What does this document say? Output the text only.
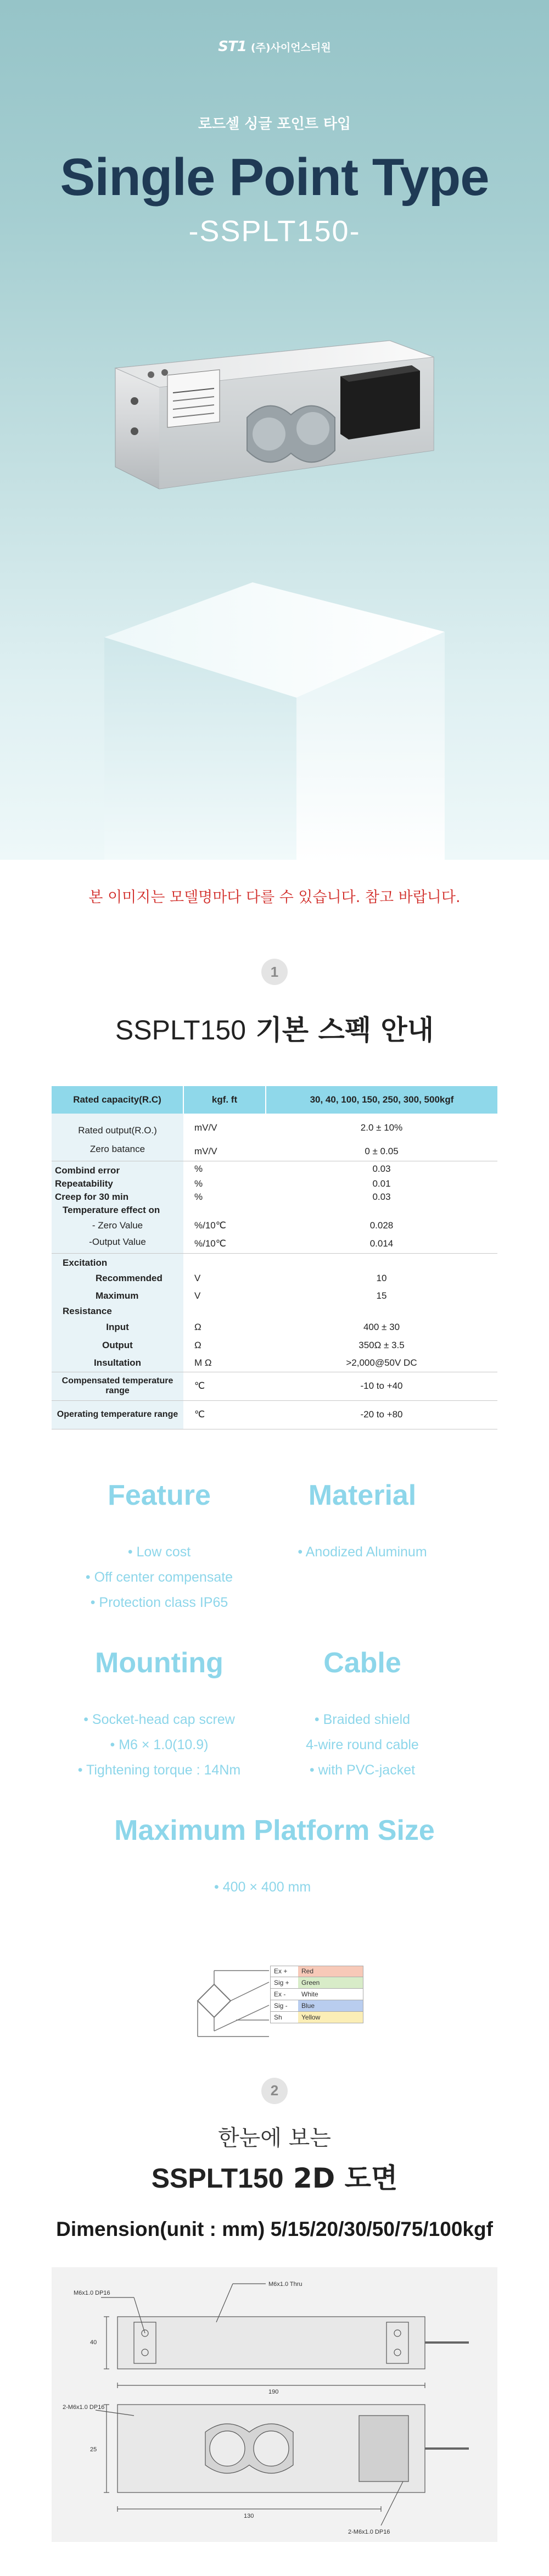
ST1 (주)사이언스티원
로드셀 싱글 포인트 타입
Single Point Type
-SSPLT150-
본 이미지는 모델명마다 다를 수 있습니다. 참고 바랍니다.
1
SSPLT150 기본 스펙 안내
Rated capacity(R.C)	kgf. ft	30, 40, 100, 150, 250, 300, 500kgf
Rated output(R.O.)	mV/V	2.0 ± 10%
Zero batance	mV/V	0 ± 0.05
Combind error	%	0.03
Repeatability	%	0.01
Creep for 30 min	%	0.03
Temperature effect on		
- Zero Value	%/10℃	0.028
-Output Value	%/10℃	0.014
Excitation		
Recommended	V	10
Maximum	V	15
Resistance		
Input	Ω	400 ± 30
Output	Ω	350Ω ± 3.5
Insultation	M Ω	>2,000@50V DC
Compensated temperature range	℃	-10 to +40
Operating temperature range	℃	-20 to +80
Feature
• Low cost
• Off center compensate
• Protection class IP65
Material
• Anodized Aluminum
Mounting
• Socket-head cap screw
• M6 × 1.0(10.9)
• Tightening torque : 14Nm
Cable
• Braided shield
4-wire round cable
• with PVC-jacket
Maximum Platform Size
• 400 × 400 mm
Ex +	Red
Sig +	Green
Ex -	White
Sig -	Blue
Sh	Yellow
2
한눈에 보는
SSPLT150 2D 도면
Dimension(unit : mm) 5/15/20/30/50/75/100kgf
M6x1.0 DP16
M6x1.0 Thru
190
40
2-M6x1.0 DP16
25
130
2-M6x1.0 DP16
